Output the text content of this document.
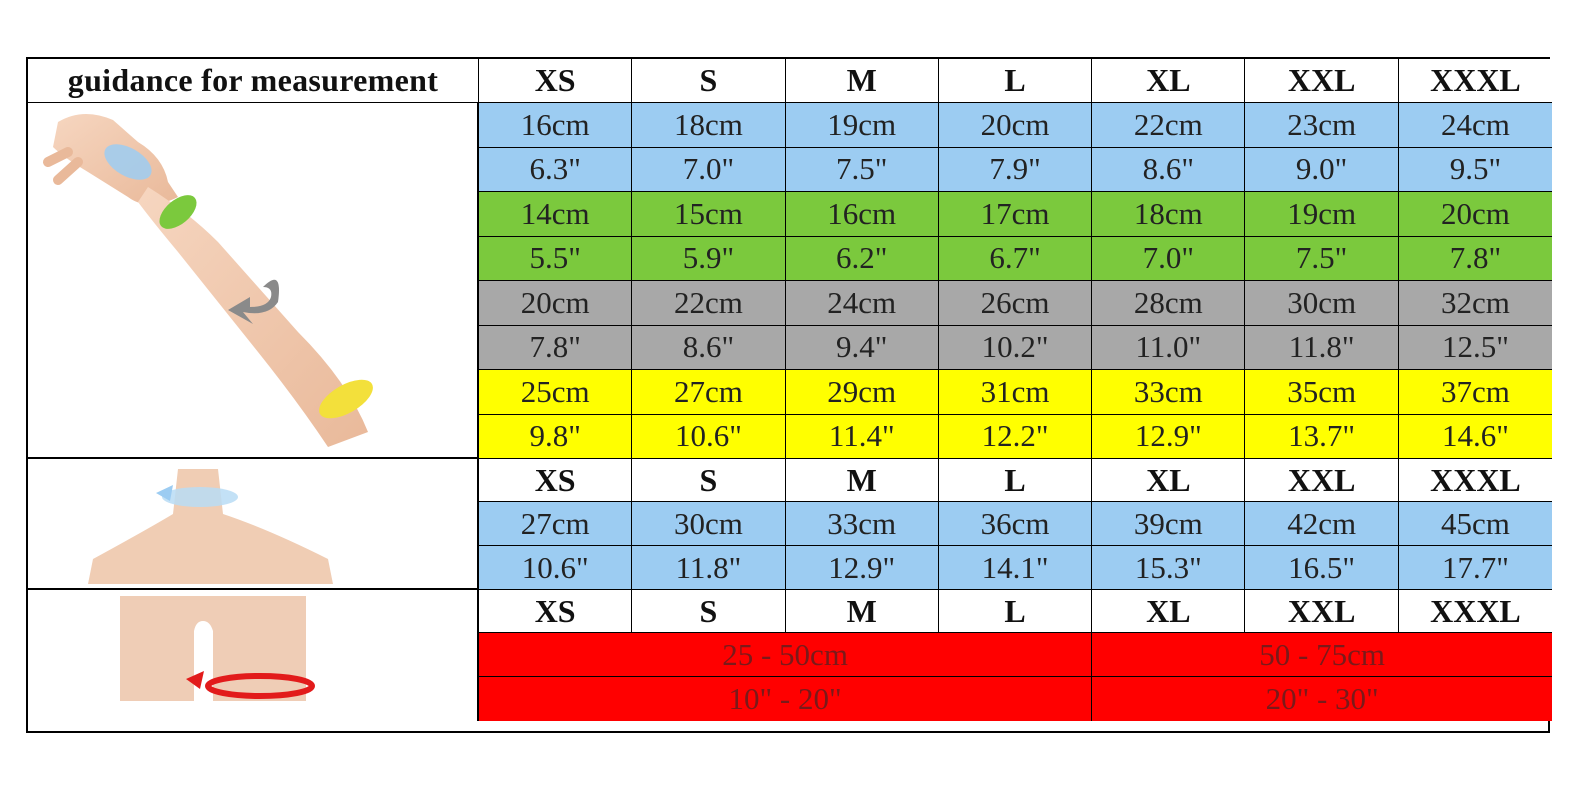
guidance for measurement	XS	S	M	L	XL	XXL	XXXL
16cm	18cm	19cm	20cm	22cm	23cm	24cm
6.3"	7.0"	7.5"	7.9"	8.6"	9.0"	9.5"
14cm	15cm	16cm	17cm	18cm	19cm	20cm
5.5"	5.9"	6.2"	6.7"	7.0"	7.5"	7.8"
20cm	22cm	24cm	26cm	28cm	30cm	32cm
7.8"	8.6"	9.4"	10.2"	11.0"	11.8"	12.5"
25cm	27cm	29cm	31cm	33cm	35cm	37cm
9.8"	10.6"	11.4"	12.2"	12.9"	13.7"	14.6"
XS	S	M	L	XL	XXL	XXXL
27cm	30cm	33cm	36cm	39cm	42cm	45cm
10.6"	11.8"	12.9"	14.1"	15.3"	16.5"	17.7"
XS	S	M	L	XL	XXL	XXXL
25 - 50cm	50 - 75cm
10" - 20"	20" - 30"
